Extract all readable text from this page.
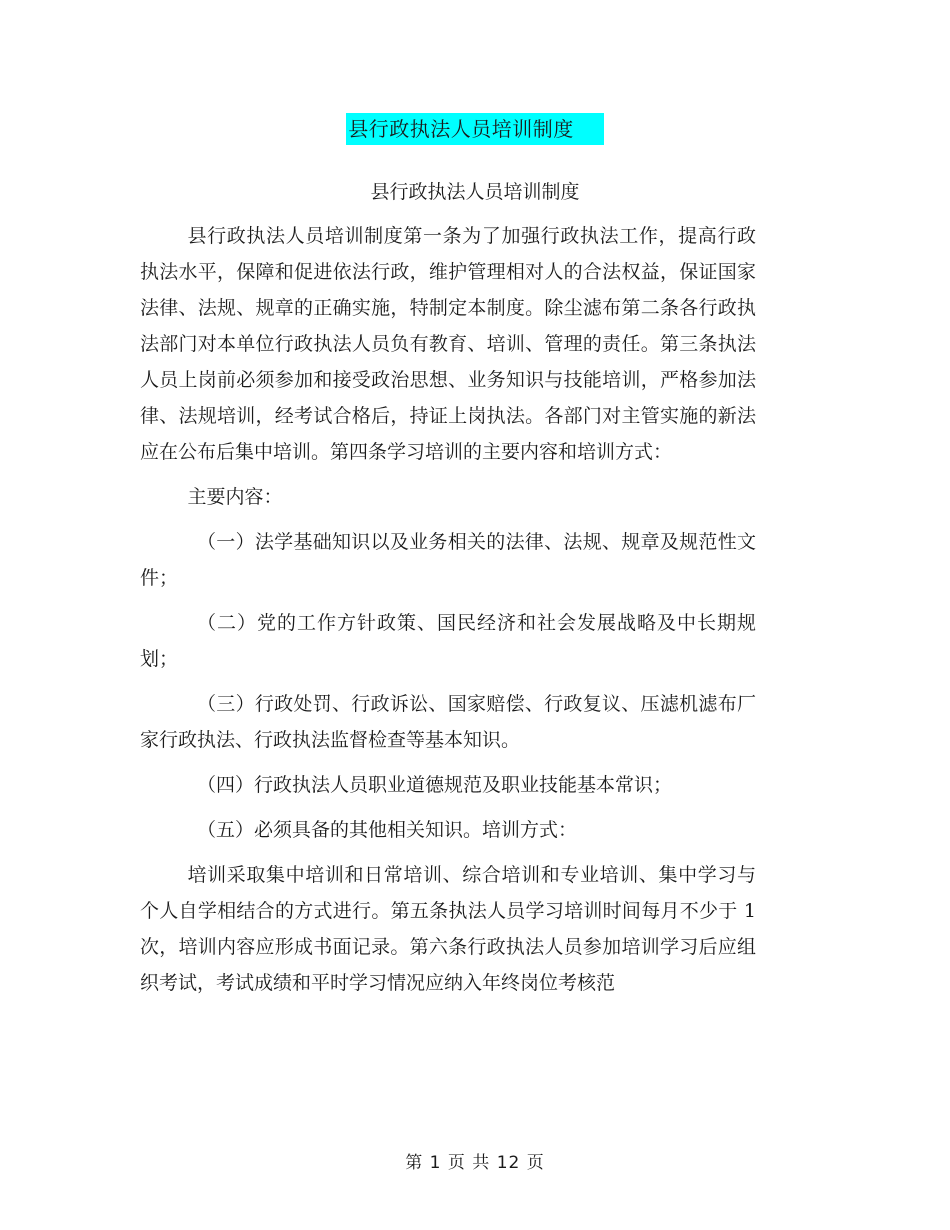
县行政执法人员培训制度
县行政执法人员培训制度

县行政执法人员培训制度第一条为了加强行政执法工作，提高行政执法水平，保障和促进依法行政，维护管理相对人的合法权益，保证国家法律、法规、规章的正确实施，特制定本制度。除尘滤布第二条各行政执法部门对本单位行政执法人员负有教育、培训、管理的责任。第三条执法人员上岗前必须参加和接受政治思想、业务知识与技能培训，严格参加法律、法规培训，经考试合格后，持证上岗执法。各部门对主管实施的新法应在公布后集中培训。第四条学习培训的主要内容和培训方式：

主要内容：

（一）法学基础知识以及业务相关的法律、法规、规章及规范性文件；

（二）党的工作方针政策、国民经济和社会发展战略及中长期规划；

（三）行政处罚、行政诉讼、国家赔偿、行政复议、压滤机滤布厂家行政执法、行政执法监督检查等基本知识。

（四）行政执法人员职业道德规范及职业技能基本常识；

（五）必须具备的其他相关知识。培训方式：

培训采取集中培训和日常培训、综合培训和专业培训、集中学习与个人自学相结合的方式进行。第五条执法人员学习培训时间每月不少于 1 次，培训内容应形成书面记录。第六条行政执法人员参加培训学习后应组织考试，考试成绩和平时学习情况应纳入年终岗位考核范

第 1 页 共 12 页
